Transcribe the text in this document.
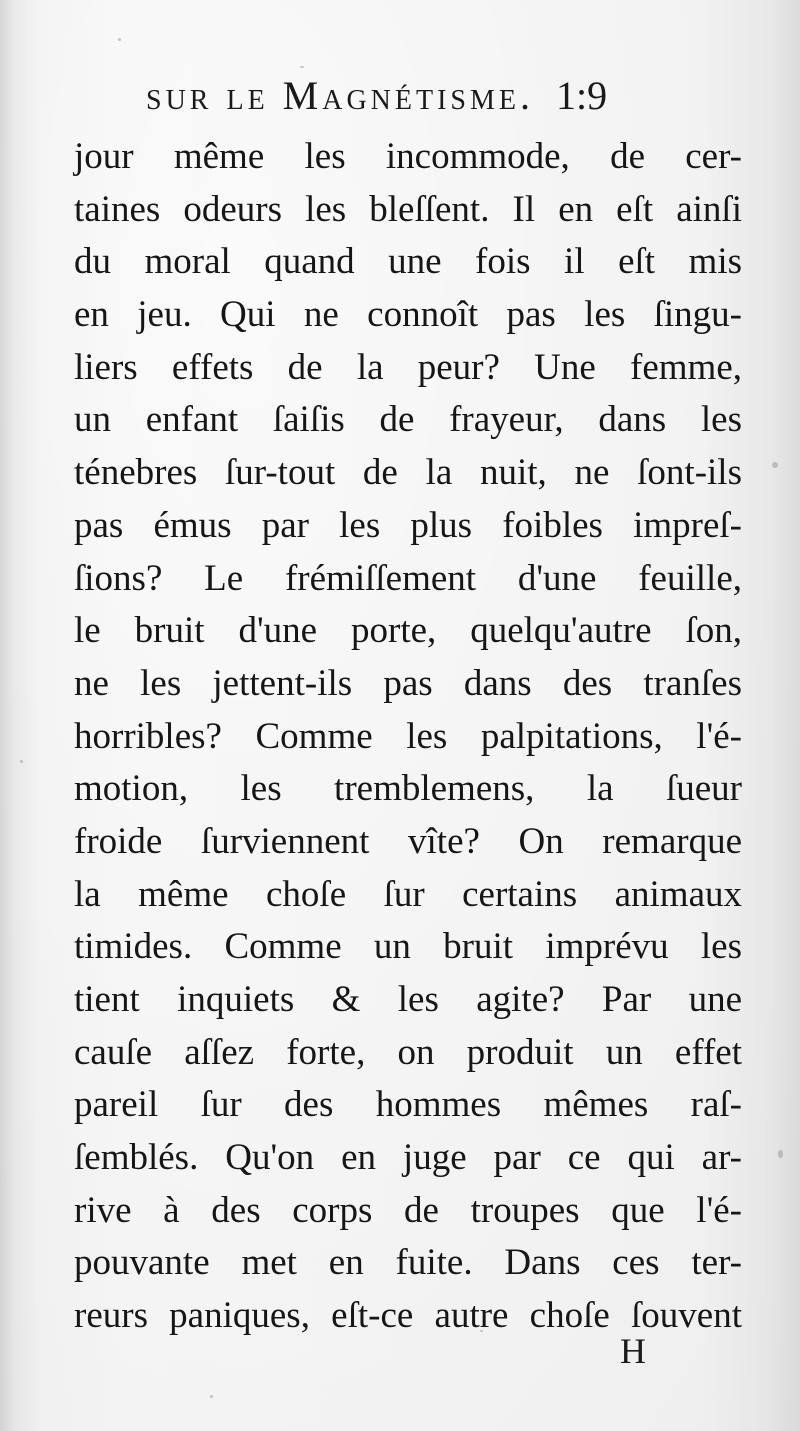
sur le Magnétisme. 1:9
jour même les incommode, de cer-
taines odeurs les bleſſent. Il en eſt ainſi
du moral quand une fois il eſt mis
en jeu. Qui ne connoît pas les ſingu-
liers effets de la peur? Une femme,
un enfant ſaiſis de frayeur, dans les
ténebres ſur-tout de la nuit, ne ſont-ils
pas émus par les plus foibles impreſ-
ſions? Le frémiſſement d'une feuille,
le bruit d'une porte, quelqu'autre ſon,
ne les jettent-ils pas dans des tranſes
horribles? Comme les palpitations, l'é-
motion, les tremblemens, la ſueur
froide ſurviennent vîte? On remarque
la même choſe ſur certains animaux
timides. Comme un bruit imprévu les
tient inquiets & les agite? Par une
cauſe aſſez forte, on produit un effet
pareil ſur des hommes mêmes raſ-
ſemblés. Qu'on en juge par ce qui ar-
rive à des corps de troupes que l'é-
pouvante met en fuite. Dans ces ter-
reurs paniques, eſt-ce autre choſe ſouvent
H
